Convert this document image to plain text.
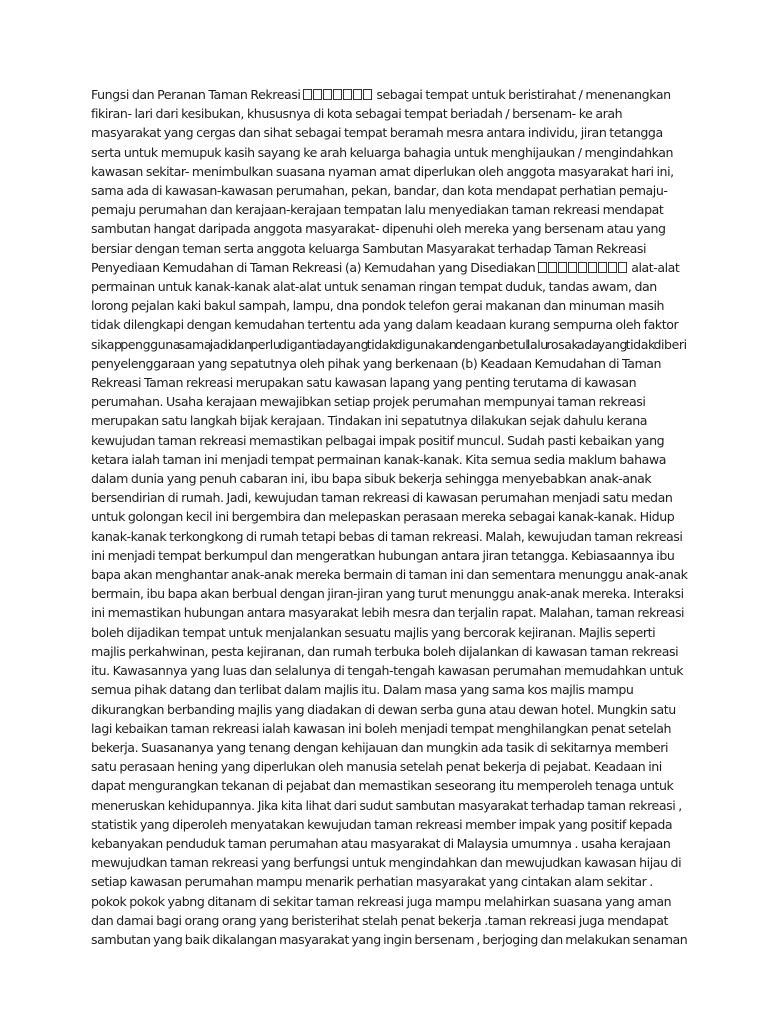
Fungsi dan Peranan Taman Rekreasi	sebagai tempat untuk beristirahat / menenangkan
fikiran- lari dari kesibukan, khususnya di kota sebagai tempat beriadah / bersenam- ke arah
masyarakat yang cergas dan sihat sebagai tempat beramah mesra antara individu, jiran tetangga
serta untuk memupuk kasih sayang ke arah keluarga bahagia untuk menghijaukan / mengindahkan
kawasan sekitar- menimbulkan suasana nyaman amat diperlukan oleh anggota masyarakat hari ini,
sama ada di kawasan-kawasan perumahan, pekan, bandar, dan kota mendapat perhatian pemaju-
pemaju perumahan dan kerajaan-kerajaan tempatan lalu menyediakan taman rekreasi mendapat
sambutan hangat daripada anggota masyarakat- dipenuhi oleh mereka yang bersenam atau yang
bersiar dengan teman serta anggota keluarga Sambutan Masyarakat terhadap Taman Rekreasi
Penyediaan Kemudahan di Taman Rekreasi (a) Kemudahan yang Disediakan	alat-alat
permainan untuk kanak-kanak alat-alat untuk senaman ringan tempat duduk, tandas awam, dan
lorong pejalan kaki bakul sampah, lampu, dna pondok telefon gerai makanan dan minuman masih
tidak dilengkapi dengan kemudahan tertentu ada yang dalam keadaan kurang sempurna oleh faktor
sikap pengguna sama jadi dan perlu diganti ada yang tidak digunakan dengan betul lalu rosak ada yang tidak diberi
penyelenggaraan yang sepatutnya oleh pihak yang berkenaan (b) Keadaan Kemudahan di Taman
Rekreasi Taman rekreasi merupakan satu kawasan lapang yang penting terutama di kawasan
perumahan. Usaha kerajaan mewajibkan setiap projek perumahan mempunyai taman rekreasi
merupakan satu langkah bijak kerajaan. Tindakan ini sepatutnya dilakukan sejak dahulu kerana
kewujudan taman rekreasi memastikan pelbagai impak positif muncul. Sudah pasti kebaikan yang
ketara ialah taman ini menjadi tempat permainan kanak-kanak. Kita semua sedia maklum bahawa
dalam dunia yang penuh cabaran ini, ibu bapa sibuk bekerja sehingga menyebabkan anak-anak
bersendirian di rumah. Jadi, kewujudan taman rekreasi di kawasan perumahan menjadi satu medan
untuk golongan kecil ini bergembira dan melepaskan perasaan mereka sebagai kanak-kanak. Hidup
kanak-kanak terkongkong di rumah tetapi bebas di taman rekreasi. Malah, kewujudan taman rekreasi
ini menjadi tempat berkumpul dan mengeratkan hubungan antara jiran tetangga. Kebiasaannya ibu
bapa akan menghantar anak-anak mereka bermain di taman ini dan sementara menunggu anak-anak
bermain, ibu bapa akan berbual dengan jiran-jiran yang turut menunggu anak-anak mereka. Interaksi
ini memastikan hubungan antara masyarakat lebih mesra dan terjalin rapat. Malahan, taman rekreasi
boleh dijadikan tempat untuk menjalankan sesuatu majlis yang bercorak kejiranan. Majlis seperti
majlis perkahwinan, pesta kejiranan, dan rumah terbuka boleh dijalankan di kawasan taman rekreasi
itu. Kawasannya yang luas dan selalunya di tengah-tengah kawasan perumahan memudahkan untuk
semua pihak datang dan terlibat dalam majlis itu. Dalam masa yang sama kos majlis mampu
dikurangkan berbanding majlis yang diadakan di dewan serba guna atau dewan hotel. Mungkin satu
lagi kebaikan taman rekreasi ialah kawasan ini boleh menjadi tempat menghilangkan penat setelah
bekerja. Suasananya yang tenang dengan kehijauan dan mungkin ada tasik di sekitarnya memberi
satu perasaan hening yang diperlukan oleh manusia setelah penat bekerja di pejabat. Keadaan ini
dapat mengurangkan tekanan di pejabat dan memastikan seseorang itu memperoleh tenaga untuk
meneruskan kehidupannya. Jika kita lihat dari sudut sambutan masyarakat terhadap taman rekreasi ,
statistik yang diperoleh menyatakan kewujudan taman rekreasi member impak yang positif kepada
kebanyakan penduduk taman perumahan atau masyarakat di Malaysia umumnya . usaha kerajaan
mewujudkan taman rekreasi yang berfungsi untuk mengindahkan dan mewujudkan kawasan hijau di
setiap kawasan perumahan mampu menarik perhatian masyarakat yang cintakan alam sekitar .
pokok pokok yabng ditanam di sekitar taman rekreasi juga mampu melahirkan suasana yang aman
dan damai bagi orang orang yang beristerihat stelah penat bekerja .taman rekreasi juga mendapat
sambutan yang baik dikalangan masyarakat yang ingin bersenam , berjoging dan melakukan senaman
